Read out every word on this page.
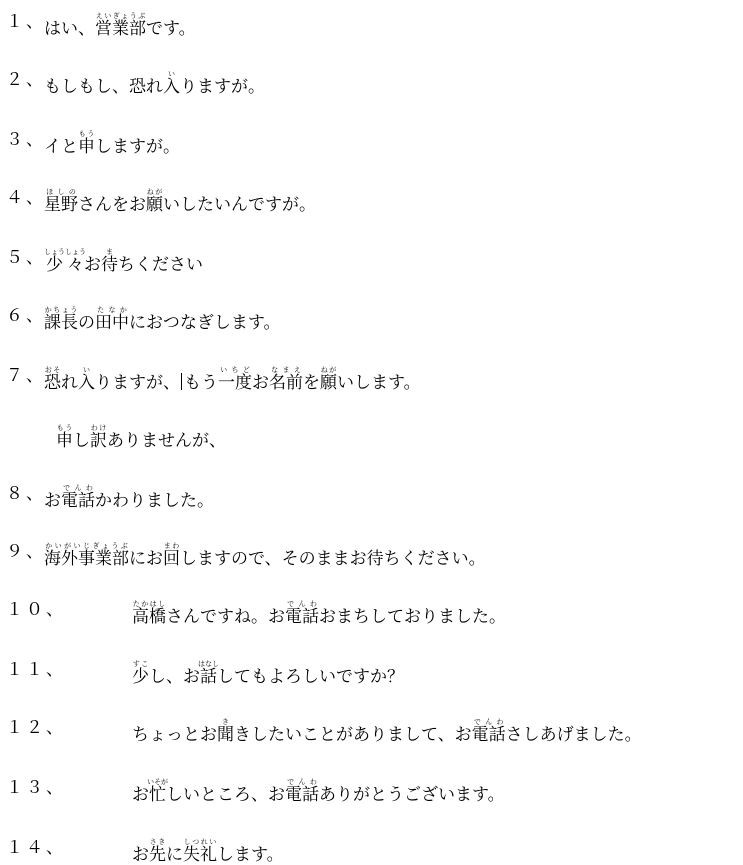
１、
はい、営業部えいぎょうぶです。
２、
もしもし、恐れ入いりますが。
３、
イと申もうしますが。
４、
星野ほしのさんをお願ねがいしたいんですが。
５、
少々しょうしょうお待まちください
６、
課長かちょうの田中たなかにおつなぎします。
７、
恐おそれ入いりますが、 もう一度いちどお名前なまえを願ねがいします。
申もうし訳わけありませんが、
８、
お電話でんわかわりました。
９、
海外事業部かいがいじぎょうぶにお回まわしますので、そのままお待ちください。
１０、	高橋たかはしさんですね。お電話でんわおまちしておりました。
１１、	少すこし、お話はなししてもよろしいですか？
１２、	ちょっとお聞ききしたいことがありまして、お電話でんわさしあげました。
１３、	お忙いそがしいところ、お電話でんわありがとうございます。
１４、	お先さきに失礼しつれいします。
